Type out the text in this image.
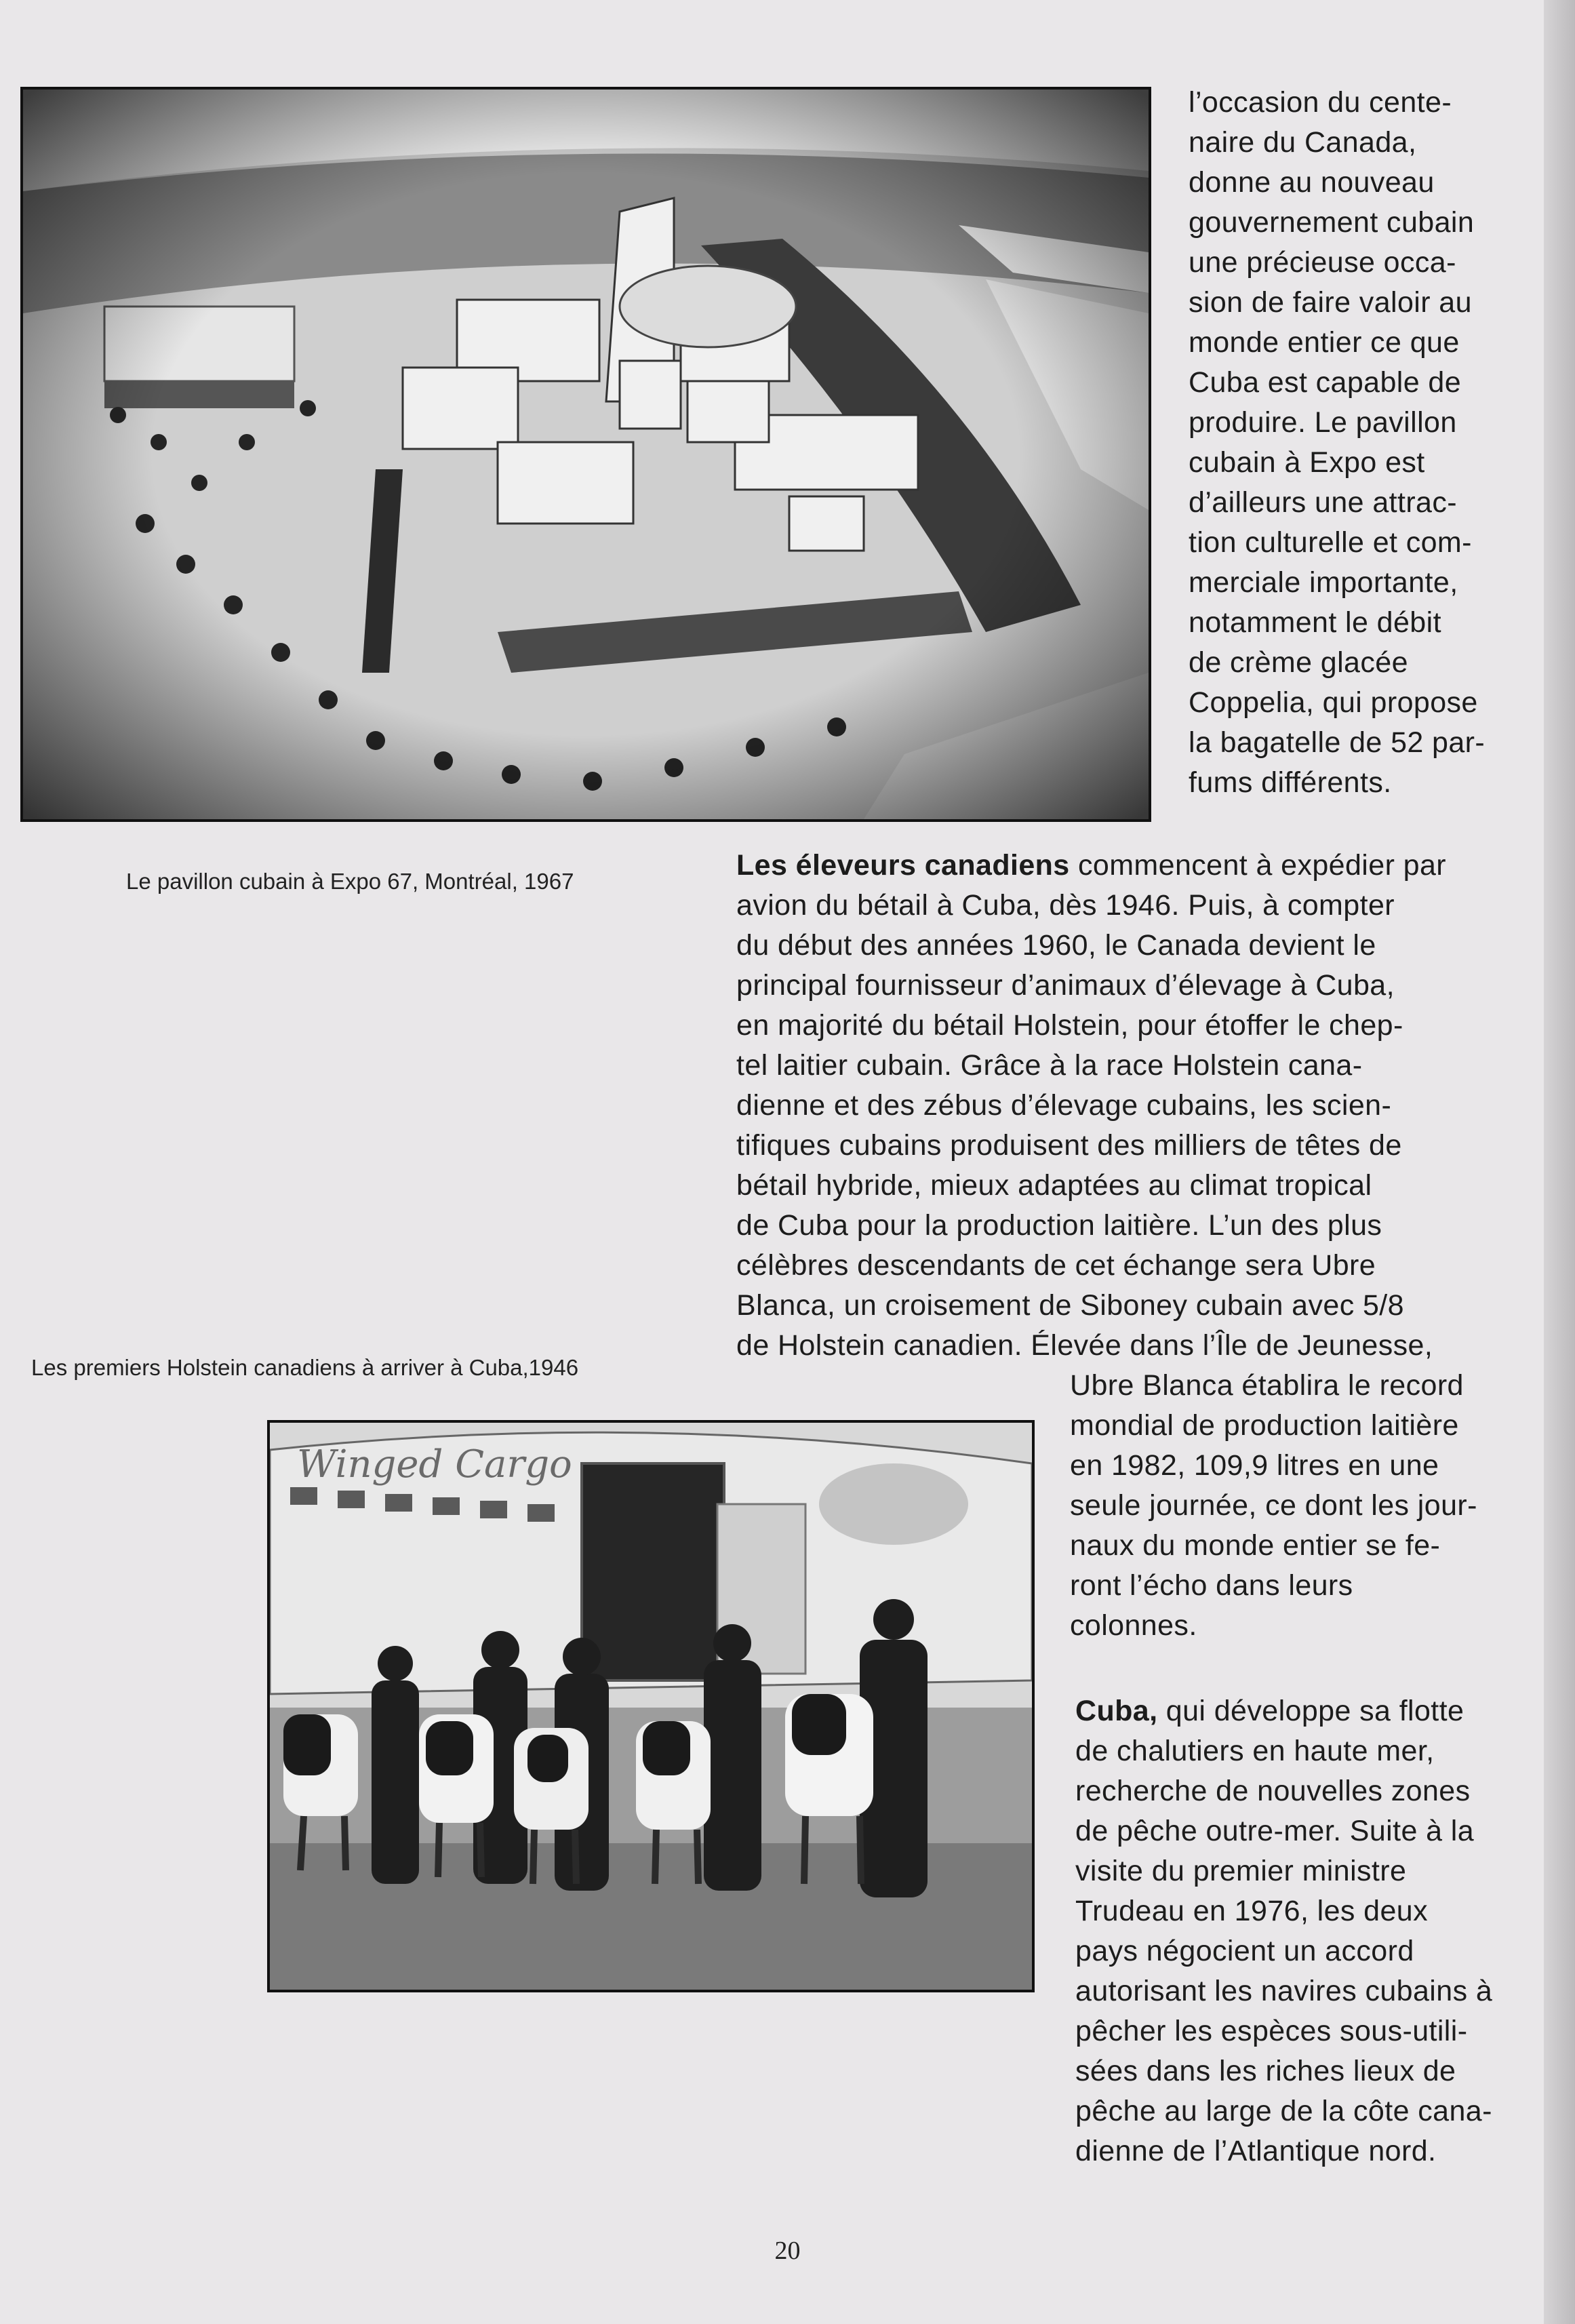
l’occasion du cente-
naire du Canada,
donne au nouveau
gouvernement cubain
une précieuse occa-
sion de faire valoir au
monde entier ce que
Cuba est capable de
produire. Le pavillon
cubain à Expo est
d’ailleurs une attrac-
tion culturelle et com-
merciale importante,
notamment le débit
de crème glacée
Coppelia, qui propose
la bagatelle de 52 par-
fums différents.

Le pavillon cubain à Expo 67, Montréal, 1967	Les éleveurs canadiens commencent à expédier par
avion du bétail à Cuba, dès 1946. Puis, à compter
du début des années 1960, le Canada devient le
principal fournisseur d’animaux d’élevage à Cuba,
en majorité du bétail Holstein, pour étoffer le chep-
tel laitier cubain. Grâce à la race Holstein cana-
dienne et des zébus d’élevage cubains, les scien-
tifiques cubains produisent des milliers de têtes de
bétail hybride, mieux adaptées au climat tropical
de Cuba pour la production laitière. L’un des plus
célèbres descendants de cet échange sera Ubre
Blanca, un croisement de Siboney cubain avec 5/8
de Holstein canadien. Élevée dans l’Île de Jeunesse,

Les premiers Holstein canadiens à arriver à Cuba,1946

Ubre Blanca établira le record
mondial de production laitière
en 1982, 109,9 litres en une
seule journée, ce dont les jour-
naux du monde entier se fe-
ront l’écho dans leurs
colonnes.

Winged Cargo

Cuba, qui développe sa flotte
de chalutiers en haute mer,
recherche de nouvelles zones
de pêche outre-mer. Suite à la
visite du premier ministre
Trudeau en 1976, les deux
pays négocient un accord
autorisant les navires cubains à
pêcher les espèces sous-utili-
sées dans les riches lieux de
pêche au large de la côte cana-
dienne de l’Atlantique nord.

20
